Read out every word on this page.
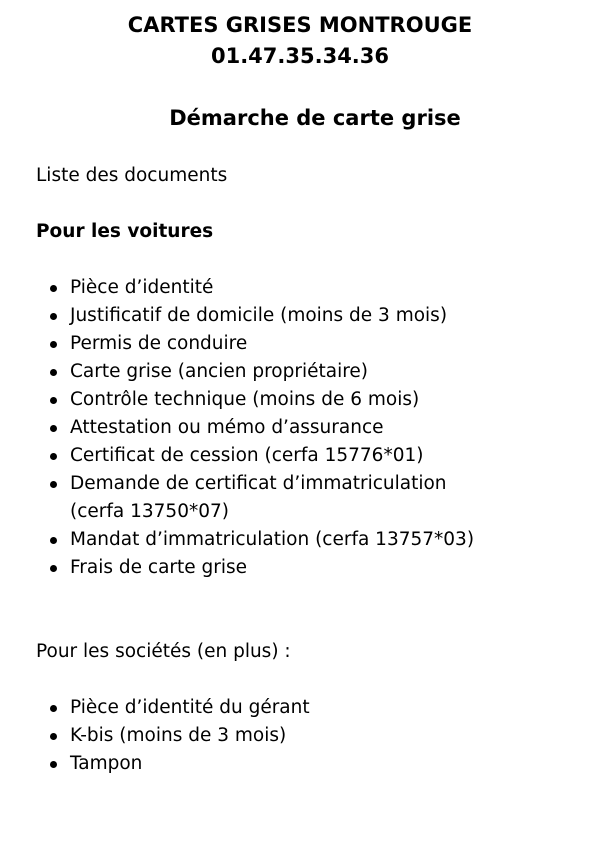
CARTES GRISES MONTROUGE
01.47.35.34.36
Démarche de carte grise

Liste des documents

Pour les voitures

Pièce d’identité
Justificatif de domicile (moins de 3 mois)
Permis de conduire
Carte grise (ancien propriétaire)
Contrôle technique (moins de 6 mois)
Attestation ou mémo d’assurance
Certificat de cession (cerfa 15776*01)
Demande de certificat d’immatriculation (cerfa 13750*07)
Mandat d’immatriculation (cerfa 13757*03)
Frais de carte grise

Pour les sociétés (en plus) :

Pièce d’identité du gérant
K-bis (moins de 3 mois)
Tampon
